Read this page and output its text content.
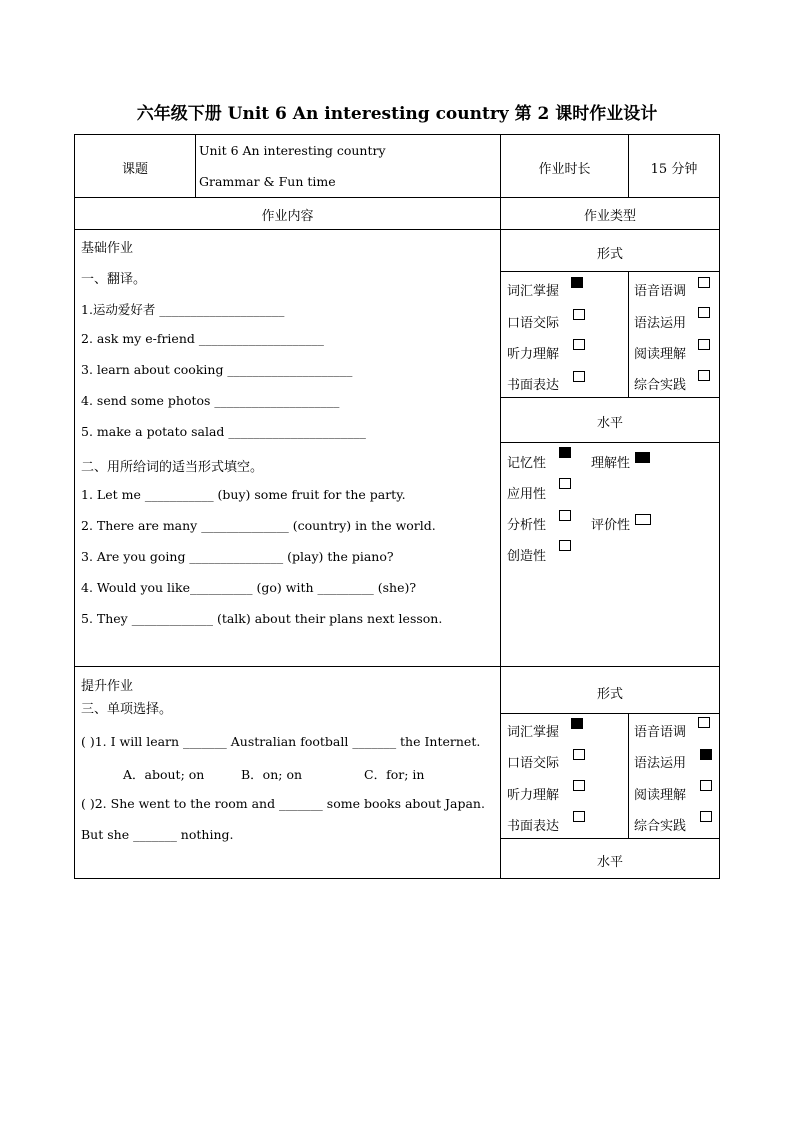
六年级下册 Unit 6 An interesting country 第 2 课时作业设计
课题
Unit 6 An interesting country
Grammar & Fun time
作业时长	15 分钟
作业内容	作业类型
基础作业
一、翻译。
1.运动爱好者 ____________________
2. ask my e-friend ____________________
3. learn about cooking ____________________
4. send some photos ____________________
5. make a potato salad ______________________
二、用所给词的适当形式填空。
1. Let me ___________ (buy) some fruit for the party.
2. There are many ______________ (country) in the world.
3. Are you going _______________ (play) the piano?
4. Would you like__________ (go) with _________ (she)?
5. They _____________ (talk) about their plans next lesson.
提升作业
三、单项选择。
( )1. I will learn _______ Australian football _______ the Internet.
A．about; on	B．on; on	C．for; in
( )2. She went to the room and _______ some books about Japan.
But she _______ nothing.
形式
词汇掌握	语音语调
口语交际	语法运用
听力理解	阅读理解
书面表达	综合实践
水平
记忆性	理解性
应用性
分析性	评价性
创造性
形式
词汇掌握	语音语调
口语交际	语法运用
听力理解	阅读理解
书面表达	综合实践
水平
